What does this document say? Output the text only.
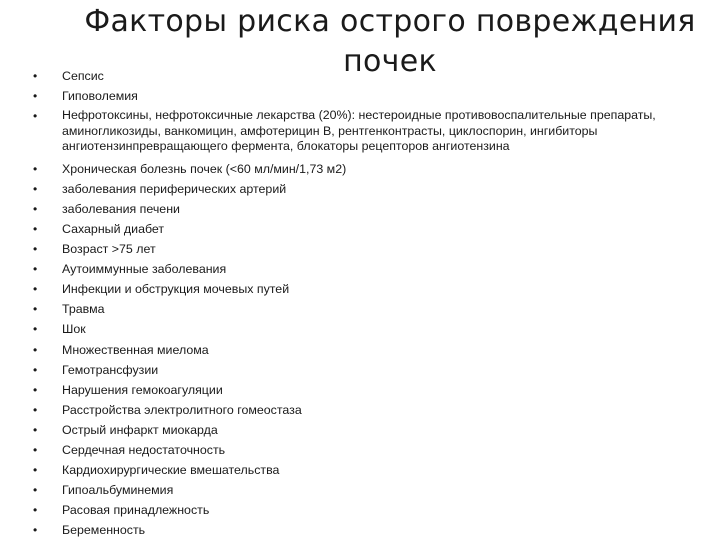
Факторы риска острого повреждения почек
• Сепсис
• Гиповолемия
• Нефротоксины, нефротоксичные лекарства (20%): нестероидные противовоспалительные препараты, аминогликозиды, ванкомицин, амфотерицин В, рентгенконтрасты, циклоспорин, ингибиторы ангиотензинпревращающего фермента, блокаторы рецепторов ангиотензина
• Хроническая болезнь почек (<60 мл/мин/1,73 м2)
• заболевания периферических артерий
• заболевания печени
• Сахарный диабет
• Возраст >75 лет
• Аутоиммунные заболевания
• Инфекции и обструкция мочевых путей
• Травма
• Шок
• Множественная миелома
• Гемотрансфузии
• Нарушения гемокоагуляции
• Расстройства электролитного гомеостаза
• Острый инфаркт миокарда
• Сердечная недостаточность
• Кардиохирургические вмешательства
• Гипоальбуминемия
• Расовая принадлежность
• Беременность
